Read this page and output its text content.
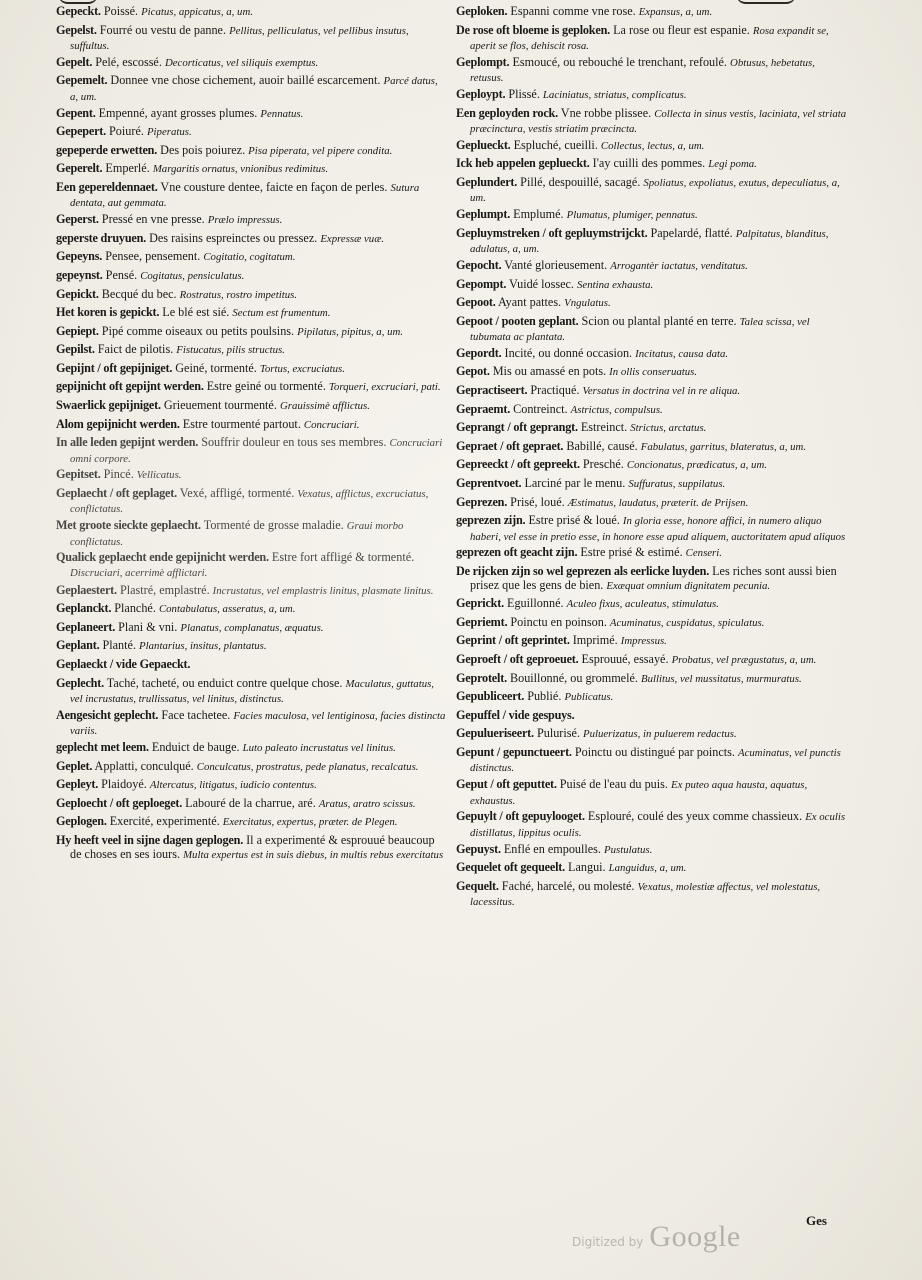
Gepeckt. Poissé. Picatus, appicatus, a, um.
Gepelst. Fourré ou vestu de panne. Pellitus, pelliculatus, vel pellibus insutus, suffultus.
Gepelt. Pelé, escossé. Decorticatus, vel siliquis exemptus.
Gepemelt. Donnee vne chose cichement, auoir baillé escarcement. Parcé datus, a, um.
Gepent. Empenné, ayant grosses plumes. Pennatus.
Gepepert. Poiuré. Piperatus.
gepeperde erwetten. Des pois poiurez. Pisa piperata, vel pipere condita.
Geperelt. Emperlé. Margaritis ornatus, vnionibus redimitus.
Een gepereldennaet. Vne cousture dentee, faicte en façon de perles. Sutura dentata, aut gemmata.
Geperst. Pressé en vne presse. Prælo impressus.
geperste druyuen. Des raisins espreinctes ou pressez. Expressæ vuæ.
Gepeyns. Pensee, pensement. Cogitatio, cogitatum.
gepeynst. Pensé. Cogitatus, pensiculatus.
Gepickt. Becqué du bec. Rostratus, rostro impetitus.
Het koren is gepickt. Le blé est sié. Sectum est frumentum.
Gepiept. Pipé comme oiseaux ou petits poulsins. Pipilatus, pipitus, a, um.
Gepilst. Faict de pilotis. Fistucatus, pilis structus.
Gepijnt / oft gepijniget. Geiné, tormenté. Tortus, excruciatus.
gepijnicht oft gepijnt werden. Estre geiné ou tormenté. Torqueri, excruciari, pati.
Swaerlick gepijniget. Grieuement tourmenté. Grauissimè afflictus.
Alom gepijnicht werden. Estre tourmenté partout. Concruciari.
In alle leden gepijnt werden. Souffrir douleur en tous ses membres. Concruciari omni corpore.
Gepitset. Pincé. Vellicatus.
Geplaecht / oft geplaget. Vexé, affligé, tormenté. Vexatus, afflictus, excruciatus, conflictatus.
Met groote sieckte geplaecht. Tormenté de grosse maladie. Graui morbo conflictatus.
Qualick geplaecht ende gepijnicht werden. Estre fort affligé & tormenté. Discruciari, acerrimè afflictari.
Geplaestert. Plastré, emplastré. Incrustatus, vel emplastris linitus, plasmate linitus.
Geplanckt. Planché. Contabulatus, asseratus, a, um.
Geplaneert. Plani & vni. Planatus, complanatus, æquatus.
Geplant. Planté. Plantarius, insitus, plantatus.
Geplaeckt / vide Gepaeckt.
Geplecht. Taché, tacheté, ou enduict contre quelque chose. Maculatus, guttatus, vel incrustatus, trullissatus, vel linitus, distinctus.
Aengesicht geplecht. Face tachetee. Facies maculosa, vel lentiginosa, facies distincta variis.
geplecht met leem. Enduict de bauge. Luto paleato incrustatus vel linitus.
Geplet. Applatti, conculqué. Conculcatus, prostratus, pede planatus, recalcatus.
Gepleyt. Plaidoyé. Altercatus, litigatus, iudicio contentus.
Geploecht / oft geploeget. Labouré de la charrue, aré. Aratus, aratro scissus.
Geplogen. Exercité, experimenté. Exercitatus, expertus, præter. de Plegen.
Hy heeft veel in sijne dagen geplogen. Il a experimenté & esprouué beaucoup de choses en ses iours. Multa expertus est in suis diebus, in multis rebus exercitatus
Geploken. Espanni comme vne rose. Expansus, a, um.
De rose oft bloeme is geploken. La rose ou fleur est espanie. Rosa expandit se, aperit se flos, dehiscit rosa.
Geplompt. Esmoucé, ou rebouché le trenchant, refoulé. Obtusus, hebetatus, retusus.
Geploypt. Plissé. Laciniatus, striatus, complicatus.
Een geployden rock. Vne robbe plissee. Collecta in sinus vestis, laciniata, vel striata præcinctura, vestis striatim præcincta.
Geplueckt. Espluché, cueilli. Collectus, lectus, a, um.
Ick heb appelen geplueckt. I'ay cuilli des pommes. Legi poma.
Geplundert. Pillé, despouillé, sacagé. Spoliatus, expoliatus, exutus, depeculiatus, a, um.
Geplumpt. Emplumé. Plumatus, plumiger, pennatus.
Gepluymstreken / oft gepluymstrijckt. Papelardé, flatté. Palpitatus, blanditus, adulatus, a, um.
Gepocht. Vanté glorieusement. Arrogantèr iactatus, venditatus.
Gepompt. Vuidé lossec. Sentina exhausta.
Gepoot. Ayant pattes. Vngulatus.
Gepoot / pooten geplant. Scion ou plantal planté en terre. Talea scissa, vel tubumata ac plantata.
Gepordt. Incité, ou donné occasion. Incitatus, causa data.
Gepot. Mis ou amassé en pots. In ollis conseruatus.
Gepractiseert. Practiqué. Versatus in doctrina vel in re aliqua.
Gepraemt. Contreinct. Astrictus, compulsus.
Geprangt / oft geprangt. Estreinct. Strictus, arctatus.
Gepraet / oft gepraet. Babillé, causé. Fabulatus, garritus, blateratus, a, um.
Gepreeckt / oft gepreekt. Presché. Concionatus, prædicatus, a, um.
Geprentvoet. Larciné par le menu. Suffuratus, suppilatus.
Geprezen. Prisé, loué. Æstimatus, laudatus, præterit. de Prijsen.
geprezen zijn. Estre prisé & loué. In gloria esse, honore affici, in numero aliquo haberi, vel esse in pretio esse, in honore esse apud aliquem, auctoritatem apud aliquos
geprezen oft geacht zijn. Estre prisé & estimé. Censeri.
De rijcken zijn so wel geprezen als eerlicke luyden. Les riches sont aussi bien prisez que les gens de bien. Exæquat omnium dignitatem pecunia.
Geprickt. Eguillonné. Aculeo fixus, aculeatus, stimulatus.
Gepriemt. Poinctu en poinson. Acuminatus, cuspidatus, spiculatus.
Geprint / oft geprintet. Imprimé. Impressus.
Geproeft / oft geproeuet. Esprouué, essayé. Probatus, vel prægustatus, a, um.
Geprotelt. Bouillonné, ou grommelé. Bullitus, vel mussitatus, murmuratus.
Gepubliceert. Publié. Publicatus.
Gepuffel / vide gespuys.
Gepulueriseert. Pulurisé. Puluerizatus, in puluerem redactus.
Gepunt / gepunctueert. Poinctu ou distingué par poincts. Acuminatus, vel punctis distinctus.
Geput / oft geputtet. Puisé de l'eau du puis. Ex puteo aqua hausta, aquatus, exhaustus.
Gepuylt / oft gepuylooget. Esplouré, coulé des yeux comme chassieux. Ex oculis distillatus, lippitus oculis.
Gepuyst. Enflé en empoulles. Pustulatus.
Gequelet oft gequeelt. Langui. Languidus, a, um.
Gequelt. Faché, harcelé, ou molesté. Vexatus, molestiæ affectus, vel molestatus, lacessitus.
Ges
Digitized by Google
